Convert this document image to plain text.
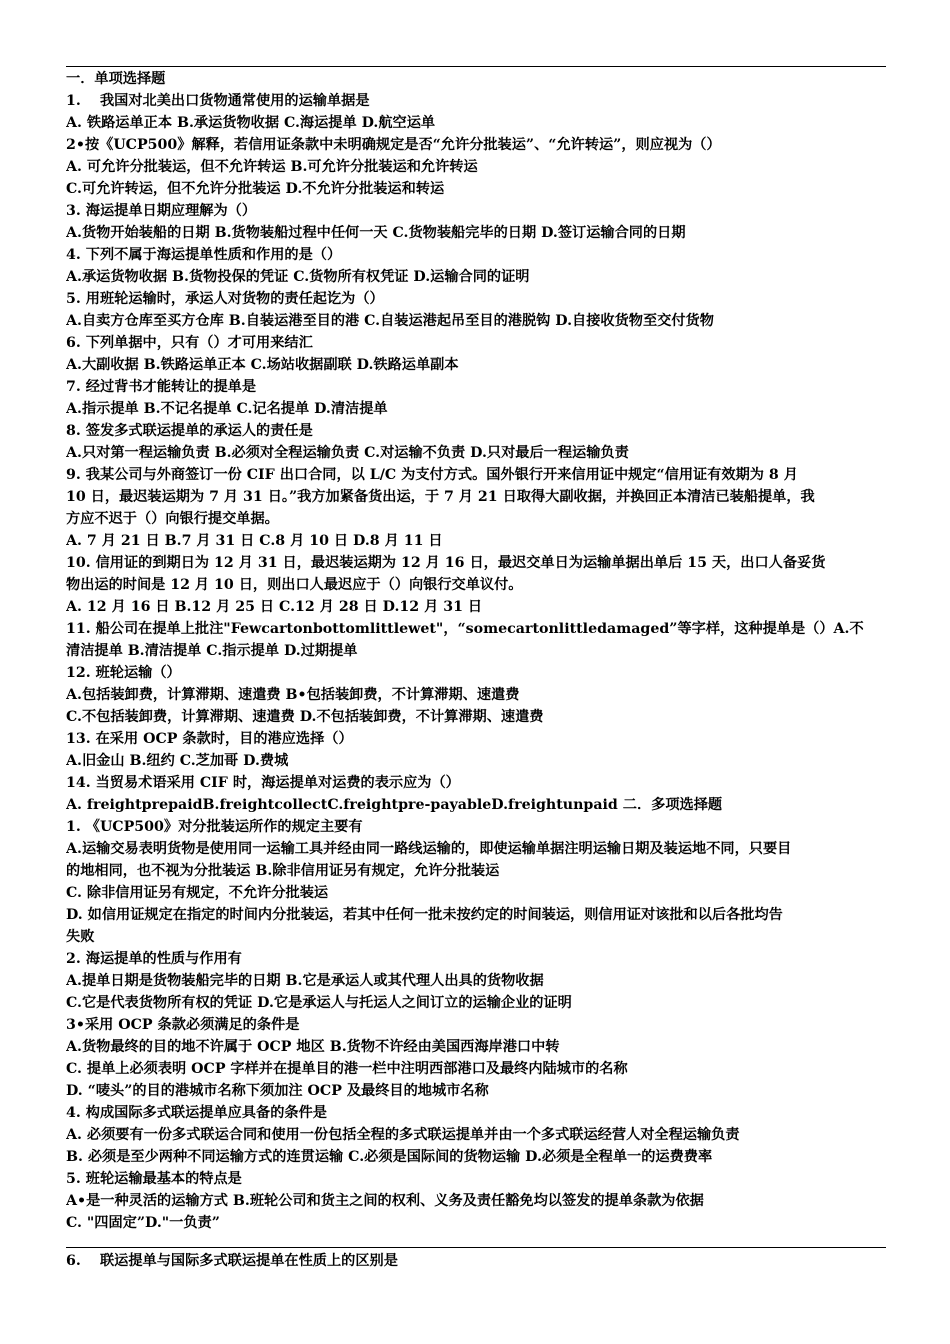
一．单项选择题
1.　 我国对北美出口货物通常使用的运输单据是
A. 铁路运单正本 B.承运货物收据 C.海运提单 D.航空运单
2•按《UCP500》解释，若信用证条款中未明确规定是否“允许分批装运”、“允许转运”，则应视为（）
A. 可允许分批装运，但不允许转运 B.可允许分批装运和允许转运
C.可允许转运，但不允许分批装运 D.不允许分批装运和转运
3. 海运提单日期应理解为（）
A.货物开始装船的日期 B.货物装船过程中任何一天 C.货物装船完毕的日期 D.签订运输合同的日期
4. 下列不属于海运提单性质和作用的是（）
A.承运货物收据 B.货物投保的凭证 C.货物所有权凭证 D.运输合同的证明
5. 用班轮运输时，承运人对货物的责任起讫为（）
A.自卖方仓库至买方仓库 B.自装运港至目的港 C.自装运港起吊至目的港脱钩 D.自接收货物至交付货物
6. 下列单据中，只有（）才可用来结汇
A.大副收据 B.铁路运单正本 C.场站收据副联 D.铁路运单副本
7. 经过背书才能转让的提单是
A.指示提单 B.不记名提单 C.记名提单 D.清洁提单
8. 签发多式联运提单的承运人的责任是
A.只对第一程运输负责 B.必须对全程运输负责 C.对运输不负责 D.只对最后一程运输负责
9. 我某公司与外商签订一份 CIF 出口合同，以 L/C 为支付方式。国外银行开来信用证中规定“信用证有效期为 8 月
10 日，最迟装运期为 7 月 31 日。”我方加紧备货出运，于 7 月 21 日取得大副收据，并换回正本清洁已装船提单，我
方应不迟于（）向银行提交单据。
A. 7 月 21 日 B.7 月 31 日 C.8 月 10 日 D.8 月 11 日
10. 信用证的到期日为 12 月 31 日，最迟装运期为 12 月 16 日，最迟交单日为运输单据出单后 15 天，出口人备妥货
物出运的时间是 12 月 10 日，则出口人最迟应于（）向银行交单议付。
A. 12 月 16 日 B.12 月 25 日 C.12 月 28 日 D.12 月 31 日
11. 船公司在提单上批注"Fewcartonbottomlittlewet"，“somecartonlittledamaged”等字样，这种提单是（）A.不
清洁提单 B.清洁提单 C.指示提单 D.过期提单
12. 班轮运输（）
A.包括装卸费，计算滞期、速遣费 B•包括装卸费，不计算滞期、速遣费
C.不包括装卸费，计算滞期、速遣费 D.不包括装卸费，不计算滞期、速遣费
13. 在采用 OCP 条款时，目的港应选择（）
A.旧金山 B.纽约 C.芝加哥 D.费城
14. 当贸易术语采用 CIF 时，海运提单对运费的表示应为（）
A. freightprepaidB.freightcollectC.freightpre-payableD.freightunpaid 二．多项选择题
1. 《UCP500》对分批装运所作的规定主要有
A.运输交易表明货物是使用同一运输工具并经由同一路线运输的，即使运输单据注明运输日期及装运地不同，只要目
的地相同，也不视为分批装运 B.除非信用证另有规定，允许分批装运
C. 除非信用证另有规定，不允许分批装运
D. 如信用证规定在指定的时间内分批装运，若其中任何一批未按约定的时间装运，则信用证对该批和以后各批均告
失败
2. 海运提单的性质与作用有
A.提单日期是货物装船完毕的日期 B.它是承运人或其代理人出具的货物收据
C.它是代表货物所有权的凭证 D.它是承运人与托运人之间订立的运输企业的证明
3•采用 OCP 条款必须满足的条件是
A.货物最终的目的地不许属于 OCP 地区 B.货物不许经由美国西海岸港口中转
C. 提单上必须表明 OCP 字样并在提单目的港一栏中注明西部港口及最终内陆城市的名称
D. “唛头”的目的港城市名称下须加注 OCP 及最终目的地城市名称
4. 构成国际多式联运提单应具备的条件是
A. 必须要有一份多式联运合同和使用一份包括全程的多式联运提单并由一个多式联运经营人对全程运输负责
B. 必须是至少两种不同运输方式的连贯运输 C.必须是国际间的货物运输 D.必须是全程单一的运费费率
5. 班轮运输最基本的特点是
A•是一种灵活的运输方式 B.班轮公司和货主之间的权利、义务及责任豁免均以签发的提单条款为依据
C. "四固定”D."一负责”
6.　 联运提单与国际多式联运提单在性质上的区别是
